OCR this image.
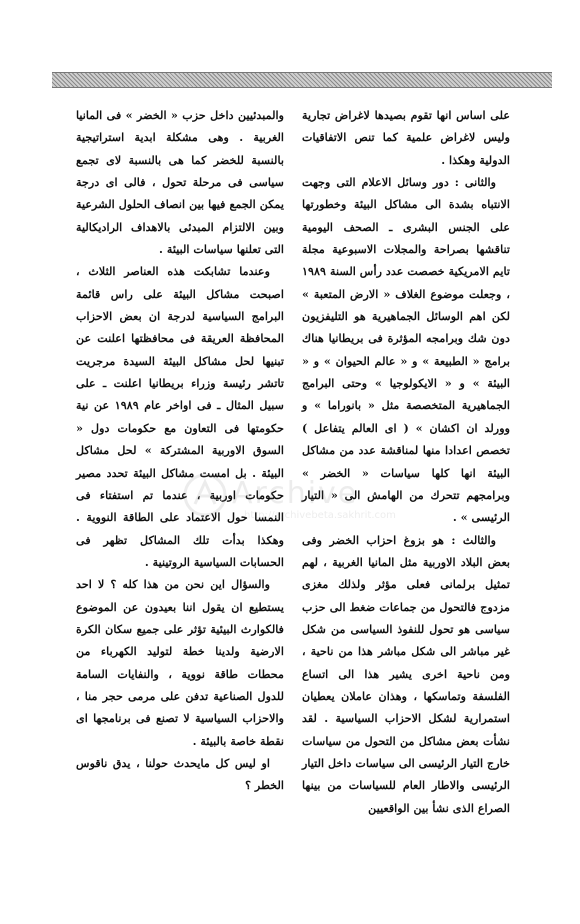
على اساس انها تقوم بصيدها لاغراض تجارية وليس لاغراض علمية كما تنص الاتفاقيات الدولية وهكذا .

والثانى : دور وسائل الاعلام التى وجهت الانتباه بشدة الى مشاكل البيئة وخطورتها على الجنس البشرى ـ الصحف اليومية تناقشها بصراحة والمجلات الاسبوعية مجلة تايم الامريكية خصصت عدد رأس السنة ١٩٨٩ ، وجعلت موضوع الغلاف « الارض المتعبة » لكن اهم الوسائل الجماهيرية هو التليفزيون دون شك وبرامجه المؤثرة فى بريطانيا هناك برامج « الطبيعة » و « عالم الحيوان » و « البيئة » و « الايكولوجيا » وحتى البرامج الجماهيرية المتخصصة مثل « بانوراما » و وورلد ان اكشان » ( اى العالم يتفاعل ) تخصص اعدادا منها لمناقشة عدد من مشاكل البيئة انها كلها سياسات « الخضر » وبرامجهم تتحرك من الهامش الى « التيار الرئيسى » .

والثالث : هو بزوغ احزاب الخضر وفى بعض البلاد الاوربية مثل المانيا الغربية ، لهم تمثيل برلمانى فعلى مؤثر ولذلك مغزى مزدوج فالتحول من جماعات ضغط الى حزب سياسى هو تحول للنفوذ السياسى من شكل غير مباشر الى شكل مباشر هذا من ناحية ، ومن ناحية اخرى يشير هذا الى اتساع الفلسفة وتماسكها ، وهذان عاملان يعطيان استمرارية لشكل الاحزاب السياسية . لقد نشأت بعض مشاكل من التحول من سياسات خارج التيار الرئيسى الى سياسات داخل التيار الرئيسى والاطار العام للسياسات من بينها الصراع الذى نشأ بين الواقعيين

والمبدئيين داخل حزب « الخضر » فى المانيا الغربية . وهى مشكلة ابدية استراتيجية بالنسبة للخضر كما هى بالنسبة لاى تجمع سياسى فى مرحلة تحول ، فالى اى درجة يمكن الجمع فيها بين انصاف الحلول الشرعية وبين الالتزام المبدئى بالاهداف الراديكالية التى تعلنها سياسات البيئة .

وعندما تشابكت هذه العناصر الثلاث ، اصبحت مشاكل البيئة على راس قائمة البرامج السياسية لدرجة ان بعض الاحزاب المحافظة العريقة فى محافظتها اعلنت عن تبنيها لحل مشاكل البيئة السيدة مرجريت تاتشر رئيسة وزراء بريطانيا اعلنت ـ على سبيل المثال ـ فى اواخر عام ١٩٨٩ عن نية حكومتها فى التعاون مع حكومات دول « السوق الاوربية المشتركة » لحل مشاكل البيئة . بل امست مشاكل البيئة تحدد مصير حكومات اوربية ، عندما تم استفتاء فى النمسا حول الاعتماد على الطاقة النووية . وهكذا بدأت تلك المشاكل تظهر فى الحسابات السياسية الروتينية .

والسؤال اين نحن من هذا كله ؟ لا احد يستطيع ان يقول اننا بعيدون عن الموضوع فالكوارث البيئية تؤثر على جميع سكان الكرة الارضية ولدينا خطة لتوليد الكهرباء من محطات طاقة نووية ، والنفايات السامة للدول الصناعية تدفن على مرمى حجر منا ، والاحزاب السياسية لا تصنع فى برنامجها اى نقطة خاصة بالبيئة .

او ليس كل مايحدث حولنا ، يدق ناقوس الخطر ؟

Archive
http://archivebeta.sakhrit.com
